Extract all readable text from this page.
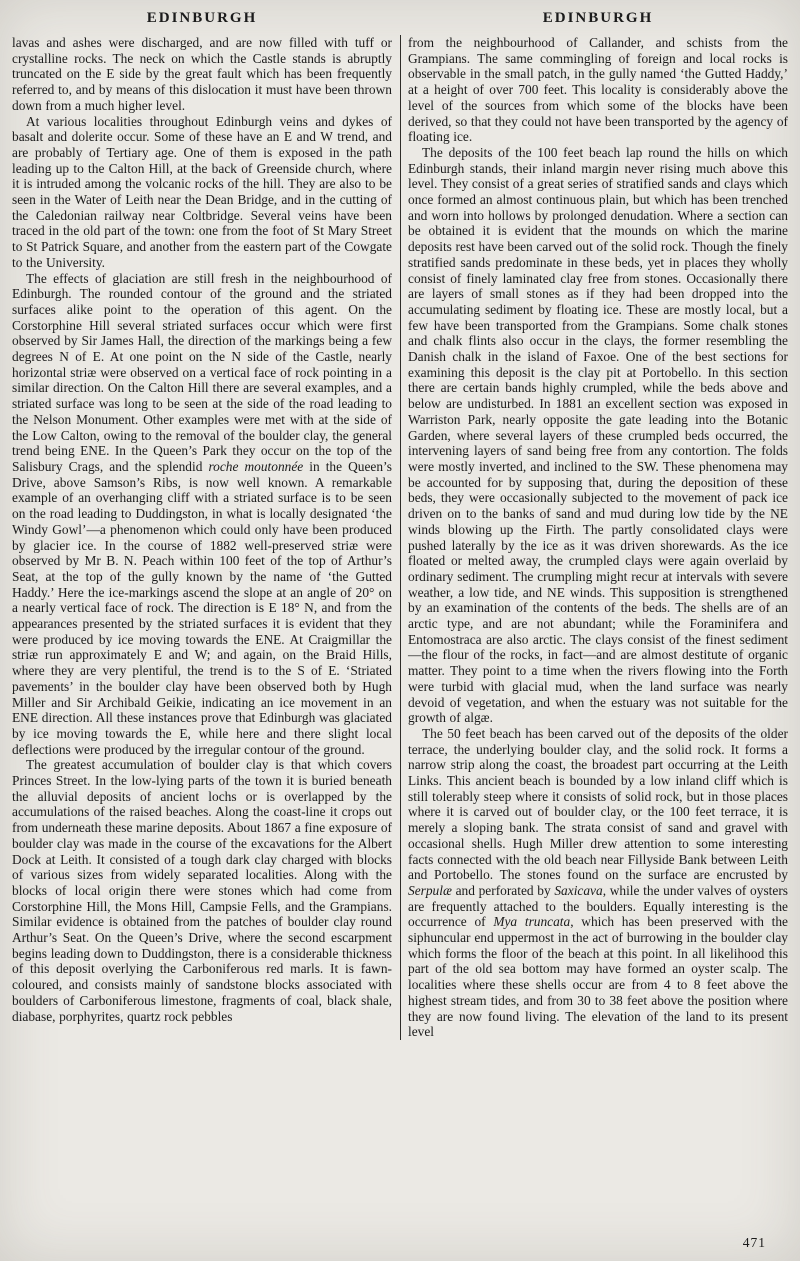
EDINBURGH	EDINBURGH

lavas and ashes were discharged, and are now filled with tuff or crystalline rocks. The neck on which the Castle stands is abruptly truncated on the E side by the great fault which has been frequently referred to, and by means of this dislocation it must have been thrown down from a much higher level.

At various localities throughout Edinburgh veins and dykes of basalt and dolerite occur. Some of these have an E and W trend, and are probably of Tertiary age. One of them is exposed in the path leading up to the Calton Hill, at the back of Greenside church, where it is intruded among the volcanic rocks of the hill. They are also to be seen in the Water of Leith near the Dean Bridge, and in the cutting of the Caledonian railway near Coltbridge. Several veins have been traced in the old part of the town: one from the foot of St Mary Street to St Patrick Square, and another from the eastern part of the Cowgate to the University.

The effects of glaciation are still fresh in the neighbourhood of Edinburgh. The rounded contour of the ground and the striated surfaces alike point to the operation of this agent. On the Corstorphine Hill several striated surfaces occur which were first observed by Sir James Hall, the direction of the markings being a few degrees N of E. At one point on the N side of the Castle, nearly horizontal striæ were observed on a vertical face of rock pointing in a similar direction. On the Calton Hill there are several examples, and a striated surface was long to be seen at the side of the road leading to the Nelson Monument. Other examples were met with at the side of the Low Calton, owing to the removal of the boulder clay, the general trend being ENE. In the Queen’s Park they occur on the top of the Salisbury Crags, and the splendid roche moutonnée in the Queen’s Drive, above Samson’s Ribs, is now well known. A remarkable example of an overhanging cliff with a striated surface is to be seen on the road leading to Duddingston, in what is locally designated ‘the Windy Gowl’—a phenomenon which could only have been produced by glacier ice. In the course of 1882 well-preserved striæ were observed by Mr B. N. Peach within 100 feet of the top of Arthur’s Seat, at the top of the gully known by the name of ‘the Gutted Haddy.’ Here the ice-markings ascend the slope at an angle of 20° on a nearly vertical face of rock. The direction is E 18° N, and from the appearances presented by the striated surfaces it is evident that they were produced by ice moving towards the ENE. At Craigmillar the striæ run approximately E and W; and again, on the Braid Hills, where they are very plentiful, the trend is to the S of E. ‘Striated pavements’ in the boulder clay have been observed both by Hugh Miller and Sir Archibald Geikie, indicating an ice movement in an ENE direction. All these instances prove that Edinburgh was glaciated by ice moving towards the E, while here and there slight local deflections were produced by the irregular contour of the ground.

The greatest accumulation of boulder clay is that which covers Princes Street. In the low-lying parts of the town it is buried beneath the alluvial deposits of ancient lochs or is overlapped by the accumulations of the raised beaches. Along the coast-line it crops out from underneath these marine deposits. About 1867 a fine exposure of boulder clay was made in the course of the excavations for the Albert Dock at Leith. It consisted of a tough dark clay charged with blocks of various sizes from widely separated localities. Along with the blocks of local origin there were stones which had come from Corstorphine Hill, the Mons Hill, Campsie Fells, and the Grampians. Similar evidence is obtained from the patches of boulder clay round Arthur’s Seat. On the Queen’s Drive, where the second escarpment begins leading down to Duddingston, there is a considerable thickness of this deposit overlying the Carboniferous red marls. It is fawn-coloured, and consists mainly of sandstone blocks associated with boulders of Carboniferous limestone, fragments of coal, black shale, diabase, porphyrites, quartz rock pebbles

from the neighbourhood of Callander, and schists from the Grampians. The same commingling of foreign and local rocks is observable in the small patch, in the gully named ‘the Gutted Haddy,’ at a height of over 700 feet. This locality is considerably above the level of the sources from which some of the blocks have been derived, so that they could not have been transported by the agency of floating ice.

The deposits of the 100 feet beach lap round the hills on which Edinburgh stands, their inland margin never rising much above this level. They consist of a great series of stratified sands and clays which once formed an almost continuous plain, but which has been trenched and worn into hollows by prolonged denudation. Where a section can be obtained it is evident that the mounds on which the marine deposits rest have been carved out of the solid rock. Though the finely stratified sands predominate in these beds, yet in places they wholly consist of finely laminated clay free from stones. Occasionally there are layers of small stones as if they had been dropped into the accumulating sediment by floating ice. These are mostly local, but a few have been transported from the Grampians. Some chalk stones and chalk flints also occur in the clays, the former resembling the Danish chalk in the island of Faxoe. One of the best sections for examining this deposit is the clay pit at Portobello. In this section there are certain bands highly crumpled, while the beds above and below are undisturbed. In 1881 an excellent section was exposed in Warriston Park, nearly opposite the gate leading into the Botanic Garden, where several layers of these crumpled beds occurred, the intervening layers of sand being free from any contortion. The folds were mostly inverted, and inclined to the SW. These phenomena may be accounted for by supposing that, during the deposition of these beds, they were occasionally subjected to the movement of pack ice driven on to the banks of sand and mud during low tide by the NE winds blowing up the Firth. The partly consolidated clays were pushed laterally by the ice as it was driven shorewards. As the ice floated or melted away, the crumpled clays were again overlaid by ordinary sediment. The crumpling might recur at intervals with severe weather, a low tide, and NE winds. This supposition is strengthened by an examination of the contents of the beds. The shells are of an arctic type, and are not abundant; while the Foraminifera and Entomostraca are also arctic. The clays consist of the finest sediment—the flour of the rocks, in fact—and are almost destitute of organic matter. They point to a time when the rivers flowing into the Forth were turbid with glacial mud, when the land surface was nearly devoid of vegetation, and when the estuary was not suitable for the growth of algæ.

The 50 feet beach has been carved out of the deposits of the older terrace, the underlying boulder clay, and the solid rock. It forms a narrow strip along the coast, the broadest part occurring at the Leith Links. This ancient beach is bounded by a low inland cliff which is still tolerably steep where it consists of solid rock, but in those places where it is carved out of boulder clay, or the 100 feet terrace, it is merely a sloping bank. The strata consist of sand and gravel with occasional shells. Hugh Miller drew attention to some interesting facts connected with the old beach near Fillyside Bank between Leith and Portobello. The stones found on the surface are encrusted by Serpulæ and perforated by Saxicava, while the under valves of oysters are frequently attached to the boulders. Equally interesting is the occurrence of Mya truncata, which has been preserved with the siphuncular end uppermost in the act of burrowing in the boulder clay which forms the floor of the beach at this point. In all likelihood this part of the old sea bottom may have formed an oyster scalp. The localities where these shells occur are from 4 to 8 feet above the highest stream tides, and from 30 to 38 feet above the position where they are now found living. The elevation of the land to its present level

471
